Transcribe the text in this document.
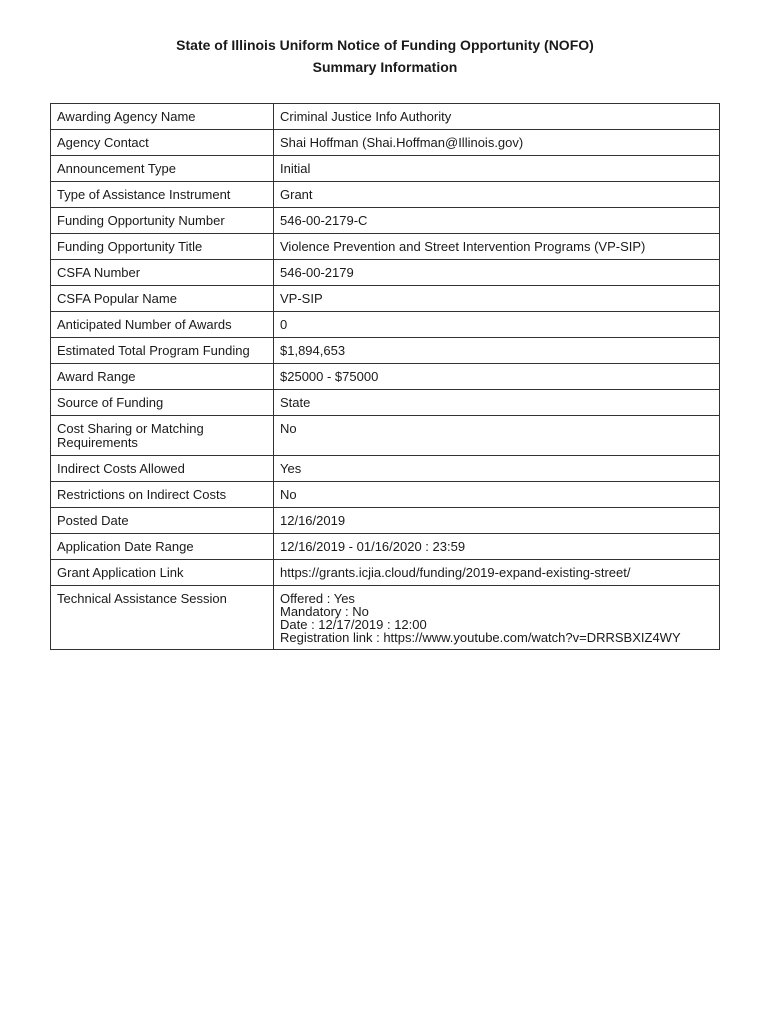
State of Illinois Uniform Notice of Funding Opportunity (NOFO)
Summary Information
Awarding Agency Name	Criminal Justice Info Authority
Agency Contact	Shai Hoffman (Shai.Hoffman@Illinois.gov)
Announcement Type	Initial
Type of Assistance Instrument	Grant
Funding Opportunity Number	546-00-2179-C
Funding Opportunity Title	Violence Prevention and Street Intervention Programs (VP-SIP)
CSFA Number	546-00-2179
CSFA Popular Name	VP-SIP
Anticipated Number of Awards	0
Estimated Total Program Funding	$1,894,653
Award Range	$25000 - $75000
Source of Funding	State
Cost Sharing or Matching Requirements	No
Indirect Costs Allowed	Yes
Restrictions on Indirect Costs	No
Posted Date	12/16/2019
Application Date Range	12/16/2019 - 01/16/2020 : 23:59
Grant Application Link	https://grants.icjia.cloud/funding/2019-expand-existing-street/
Technical Assistance Session	Offered : Yes
Mandatory : No
Date : 12/17/2019 : 12:00
Registration link : https://www.youtube.com/watch?v=DRRSBXIZ4WY
